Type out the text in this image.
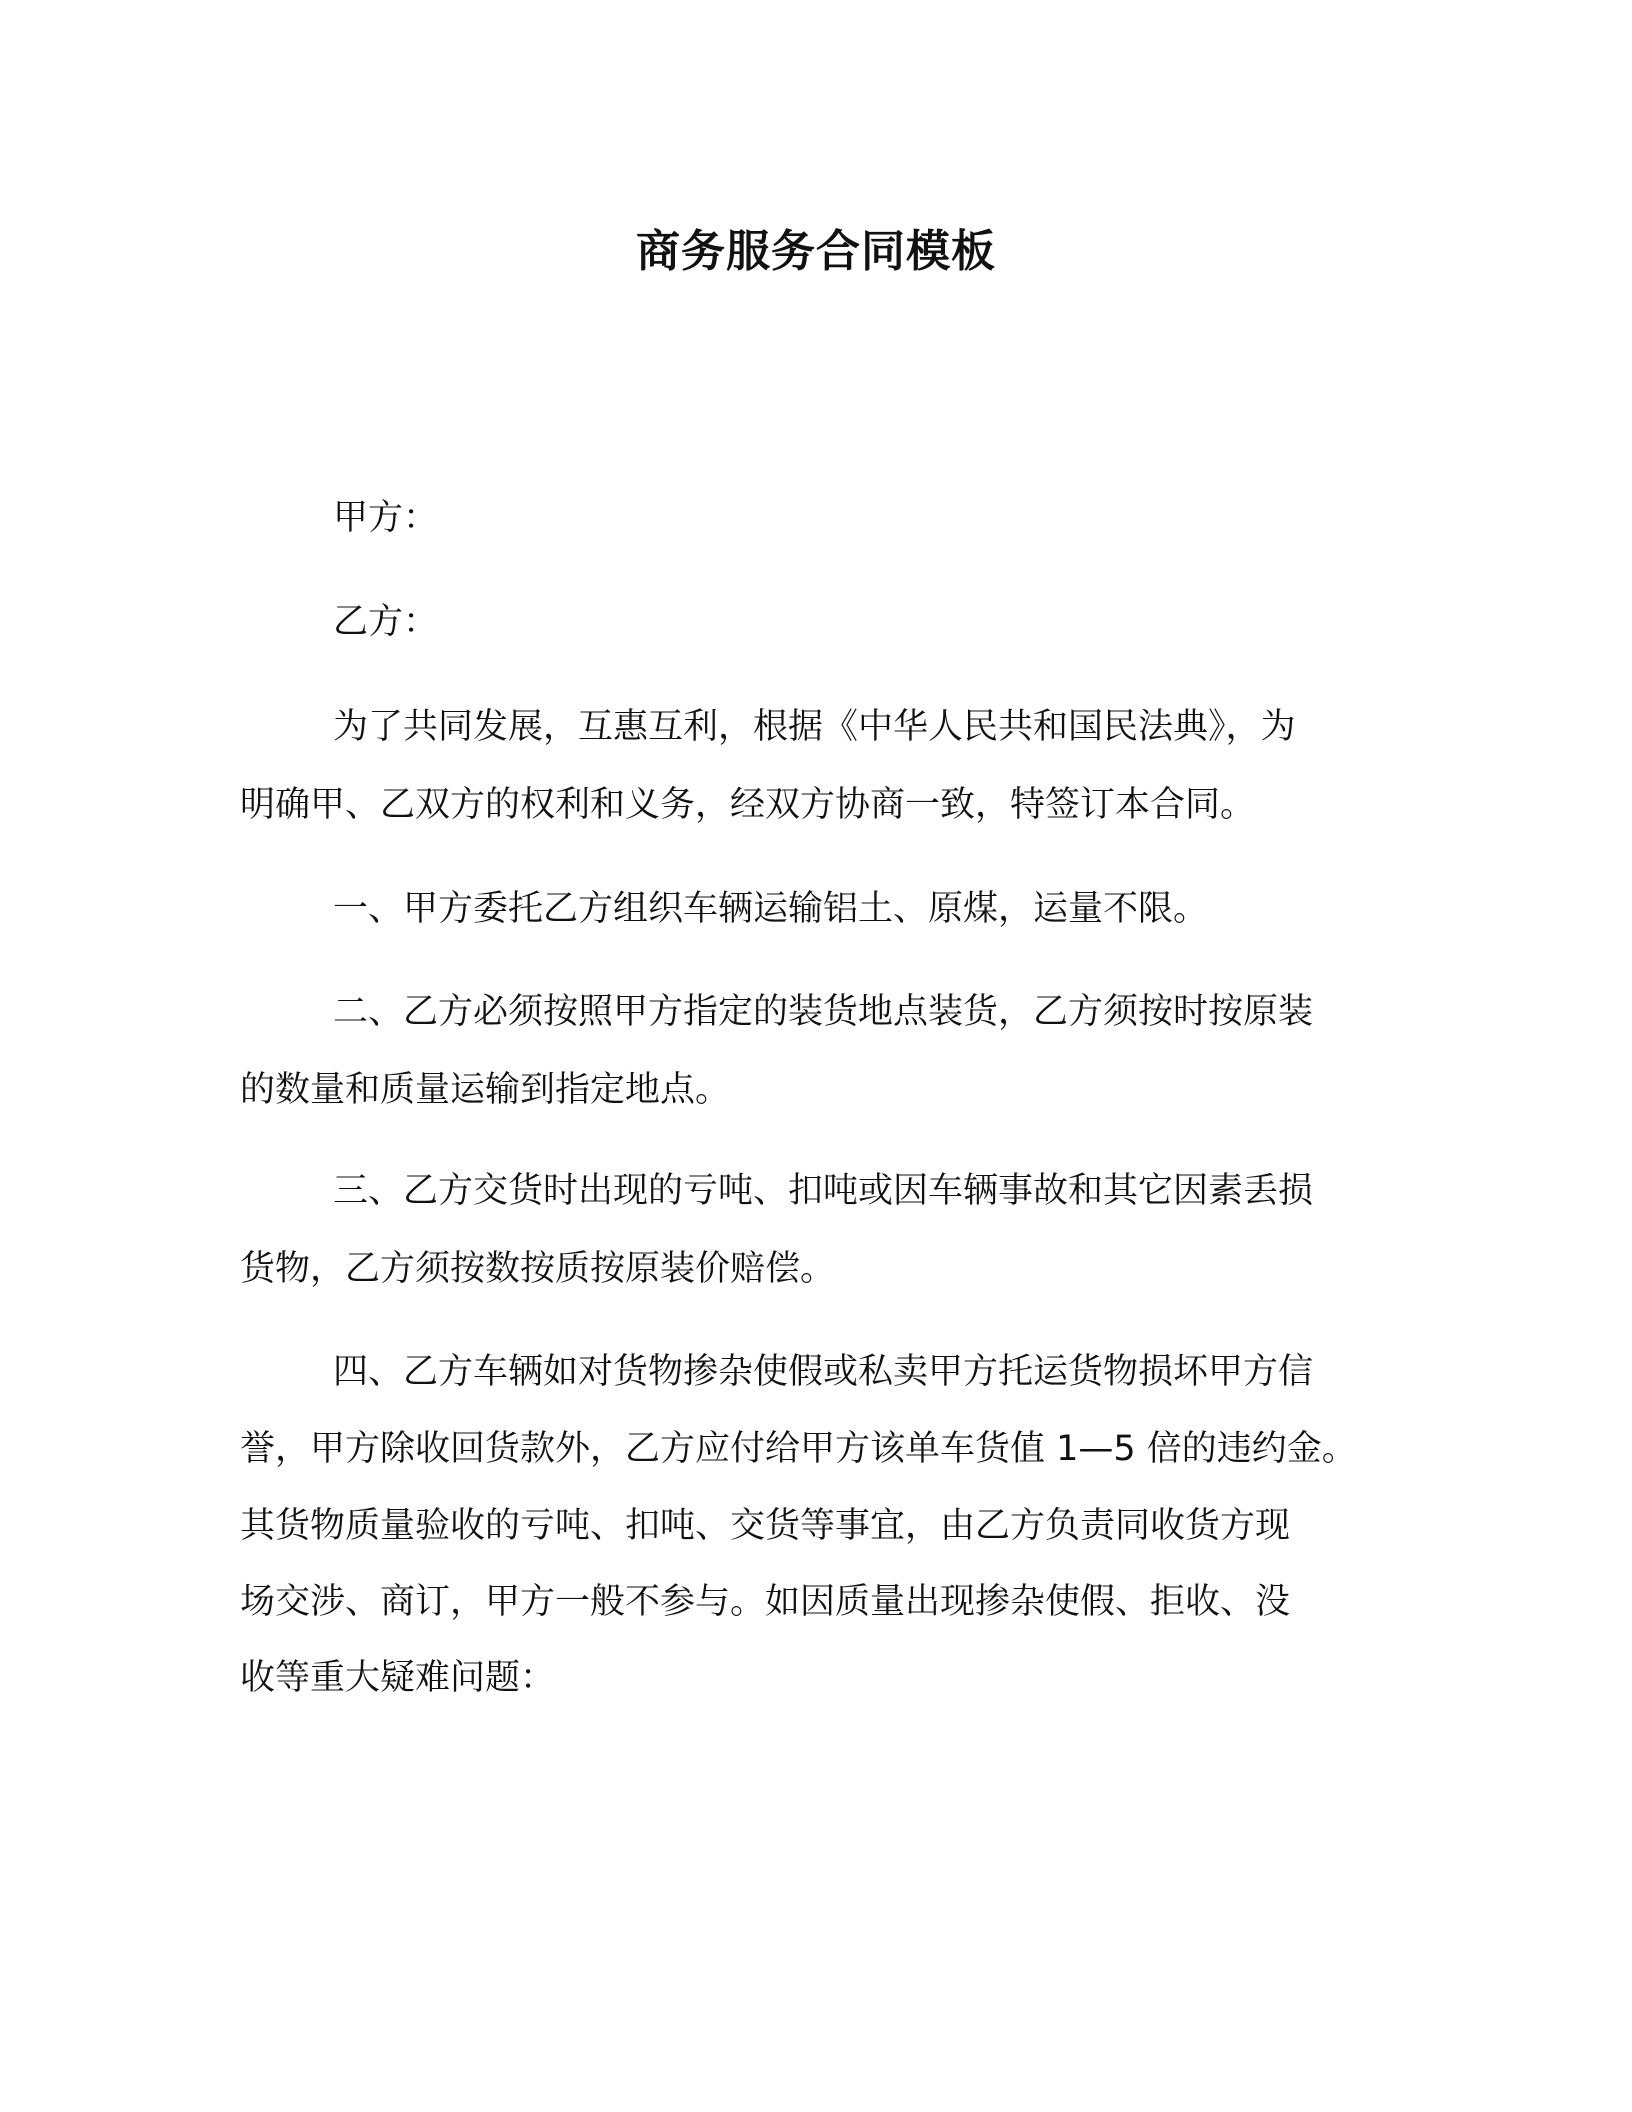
商务服务合同模板
甲方：
乙方：
为了共同发展，互惠互利，根据《中华人民共和国民法典》，为
明确甲、乙双方的权利和义务，经双方协商一致，特签订本合同。
一、甲方委托乙方组织车辆运输铝土、原煤，运量不限。
二、乙方必须按照甲方指定的装货地点装货，乙方须按时按原装
的数量和质量运输到指定地点。
三、乙方交货时出现的亏吨、扣吨或因车辆事故和其它因素丢损
货物，乙方须按数按质按原装价赔偿。
四、乙方车辆如对货物掺杂使假或私卖甲方托运货物损坏甲方信
誉，甲方除收回货款外，乙方应付给甲方该单车货值 1—5 倍的违约金。
其货物质量验收的亏吨、扣吨、交货等事宜，由乙方负责同收货方现
场交涉、商订，甲方一般不参与。如因质量出现掺杂使假、拒收、没
收等重大疑难问题：
